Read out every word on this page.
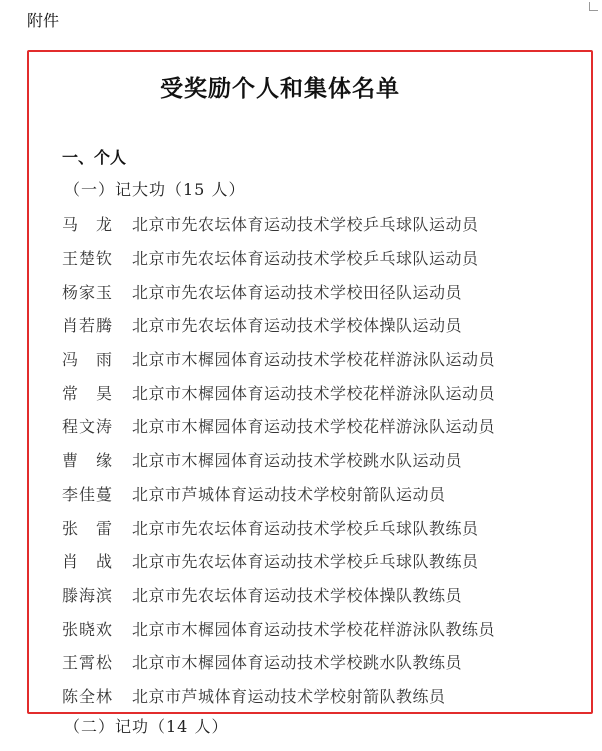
附件
受奖励个人和集体名单
一、个人
（一）记大功（15 人）
马　龙	北京市先农坛体育运动技术学校乒乓球队运动员
王楚钦	北京市先农坛体育运动技术学校乒乓球队运动员
杨家玉	北京市先农坛体育运动技术学校田径队运动员
肖若腾	北京市先农坛体育运动技术学校体操队运动员
冯　雨	北京市木樨园体育运动技术学校花样游泳队运动员
常　昊	北京市木樨园体育运动技术学校花样游泳队运动员
程文涛	北京市木樨园体育运动技术学校花样游泳队运动员
曹　缘	北京市木樨园体育运动技术学校跳水队运动员
李佳蔓	北京市芦城体育运动技术学校射箭队运动员
张　雷	北京市先农坛体育运动技术学校乒乓球队教练员
肖　战	北京市先农坛体育运动技术学校乒乓球队教练员
滕海滨	北京市先农坛体育运动技术学校体操队教练员
张晓欢	北京市木樨园体育运动技术学校花样游泳队教练员
王霄松	北京市木樨园体育运动技术学校跳水队教练员
陈全林	北京市芦城体育运动技术学校射箭队教练员
（二）记功（14 人）
